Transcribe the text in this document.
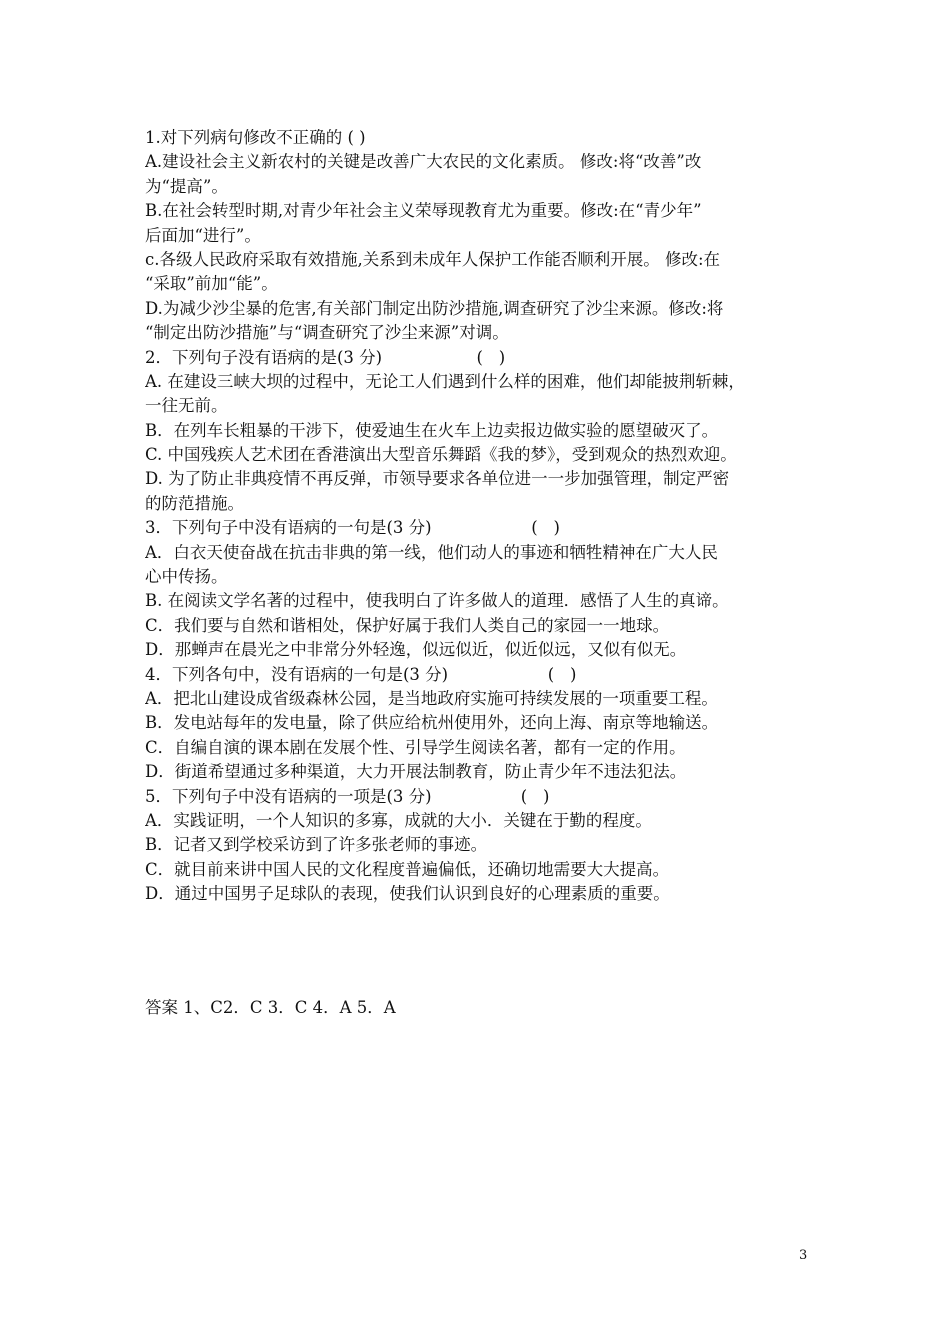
1.对下列病句修改不正确的 ( )
A.建设社会主义新农村的关键是改善广大农民的文化素质。 修改:将“改善”改
为“提高”。
B.在社会转型时期,对青少年社会主义荣辱现教育尤为重要。修改:在“青少年”
后面加“进行”。
c.各级人民政府采取有效措施,关系到未成年人保护工作能否顺利开展。 修改:在
“采取”前加“能”。
D.为减少沙尘暴的危害,有关部门制定出防沙措施,调查研究了沙尘来源。修改:将
“制定出防沙措施”与“调查研究了沙尘来源”对调。
2．下列句子没有语病的是(3 分)                  (   )
A. 在建设三峡大坝的过程中，无论工人们遇到什么样的困难，他们却能披荆斩棘，
一往无前。
B．在列车长粗暴的干涉下，使爱迪生在火车上边卖报边做实验的愿望破灭了。
C. 中国残疾人艺术团在香港演出大型音乐舞蹈《我的梦》，受到观众的热烈欢迎。
D. 为了防止非典疫情不再反弹，市领导要求各单位进一一步加强管理，制定严密
的防范措施。
3．下列句子中没有语病的一句是(3 分)                   (   )
A．白衣天使奋战在抗击非典的第一线，他们动人的事迹和牺牲精神在广大人民
心中传扬。
B. 在阅读文学名著的过程中，使我明白了许多做人的道理．感悟了人生的真谛。
C．我们要与自然和谐相处，保护好属于我们人类自己的家园一一地球。
D．那蝉声在晨光之中非常分外轻逸，似远似近，似近似远，又似有似无。
4．下列各句中，没有语病的一句是(3 分)                   (   )
A．把北山建设成省级森林公园，是当地政府实施可持续发展的一项重要工程。
B．发电站每年的发电量，除了供应给杭州使用外，还向上海、南京等地输送。
C．自编自演的课本剧在发展个性、引导学生阅读名著，都有一定的作用。
D．街道希望通过多种渠道，大力开展法制教育，防止青少年不违法犯法。
5．下列句子中没有语病的一项是(3 分)                 (   )
A．实践证明，一个人知识的多寡，成就的大小．关键在于勤的程度。
B．记者又到学校采访到了许多张老师的事迹。
C．就目前来讲中国人民的文化程度普遍偏低，还确切地需要大大提高。
D．通过中国男子足球队的表现，使我们认识到良好的心理素质的重要。
答案 1、C2．C 3．C 4．A 5．A
3
